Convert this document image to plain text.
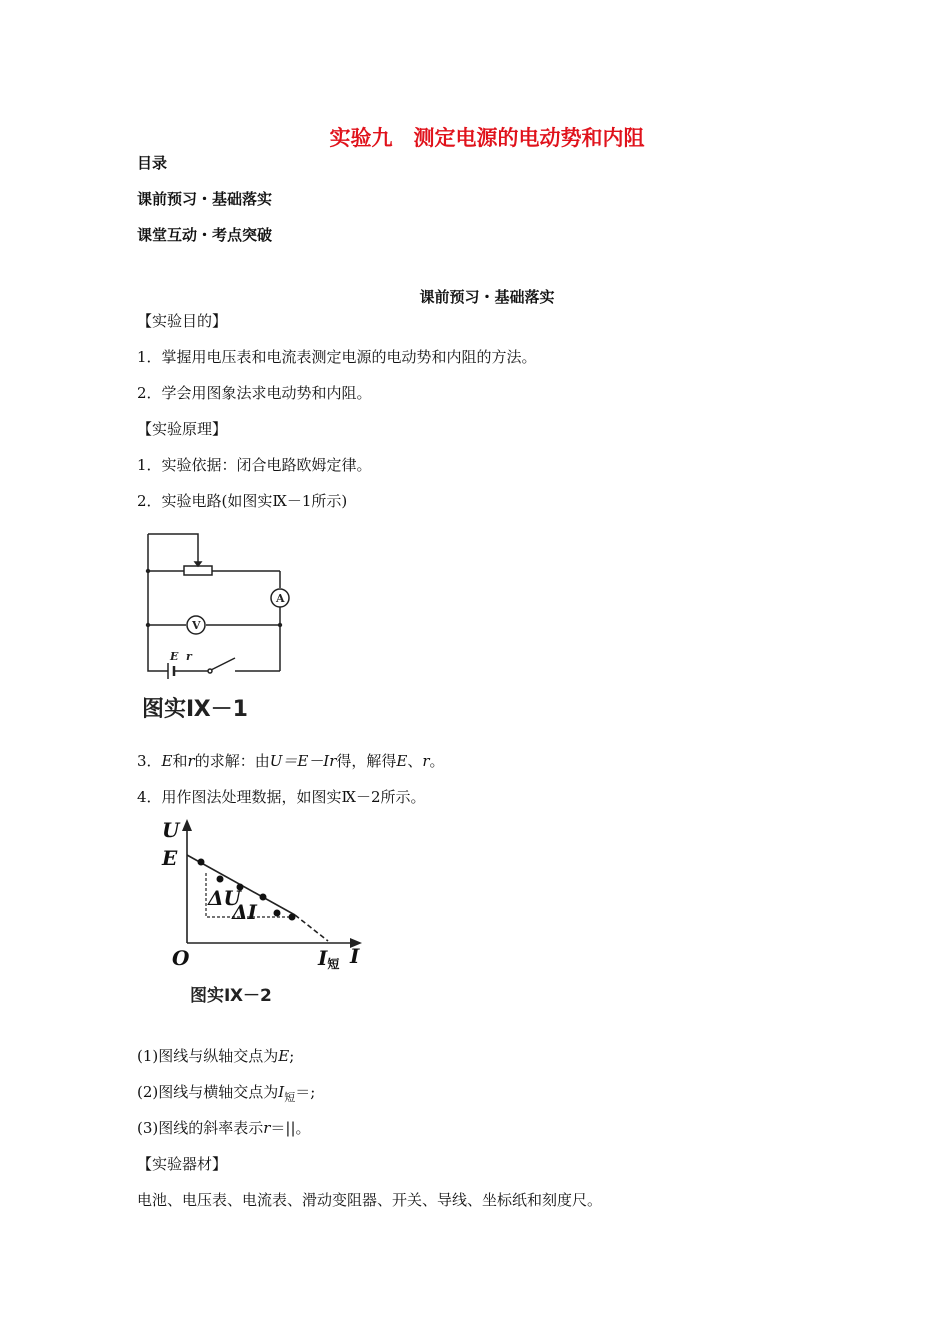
实验九　测定电源的电动势和内阻
目录
课前预习・基础落实
课堂互动・考点突破
课前预习・基础落实
【实验目的】
1．掌握用电压表和电流表测定电源的电动势和内阻的方法。
2．学会用图象法求电动势和内阻。
【实验原理】
1．实验依据：闭合电路欧姆定律。
2．实验电路(如图实Ⅸ－1所示)
A
V
E r
图实Ⅸ－1
3．E和r的求解：由U＝E－Ir得，解得E、r。
4．用作图法处理数据，如图实Ⅸ－2所示。
U
E
O	I短 I
ΔU
ΔI
图实Ⅸ－2
(1)图线与纵轴交点为E;
(2)图线与横轴交点为$I_短=$;
(3)图线的斜率表示r＝||。
【实验器材】
电池、电压表、电流表、滑动变阻器、开关、导线、坐标纸和刻度尺。
